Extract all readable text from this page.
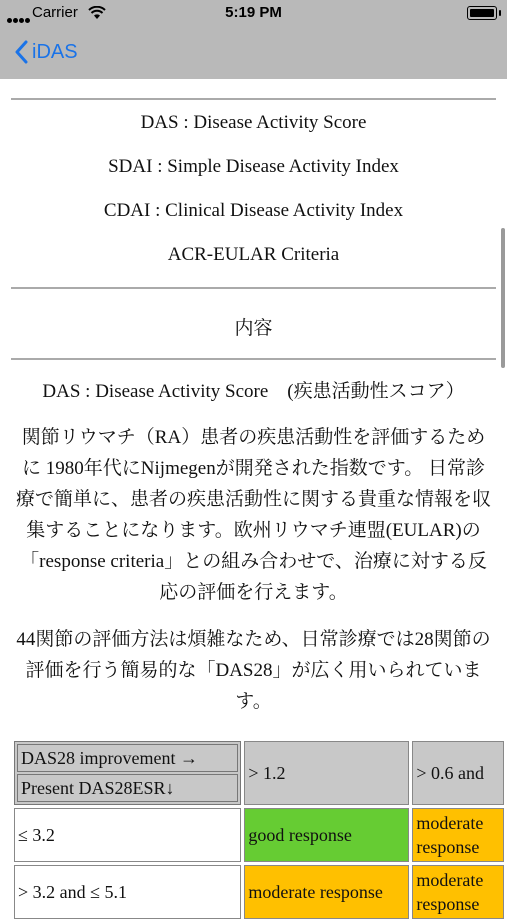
Carrier	5:19 PM
iDAS
DAS : Disease Activity Score
SDAI : Simple Disease Activity Index
CDAI : Clinical Disease Activity Index
ACR-EULAR Criteria
内容
DAS : Disease Activity Score　(疾患活動性スコア）
関節リウマチ（RA）患者の疾患活動性を評価するために 1980年代にNijmegenが開発された指数です。 日常診療で簡単に、患者の疾患活動性に関する貴重な情報を収集することになります。欧州リウマチ連盟(EULAR)の「response criteria」との組み合わせで、治療に対する反応の評価を行えます。
44関節の評価方法は煩雑なため、日常診療では28関節の評価を行う簡易的な「DAS28」が広く用いられています。
DAS28 improvement →
Present DAS28ESR↓	> 1.2	> 0.6 and
≤ 3.2	good response	moderate response
> 3.2 and ≤ 5.1	moderate response	moderate response
